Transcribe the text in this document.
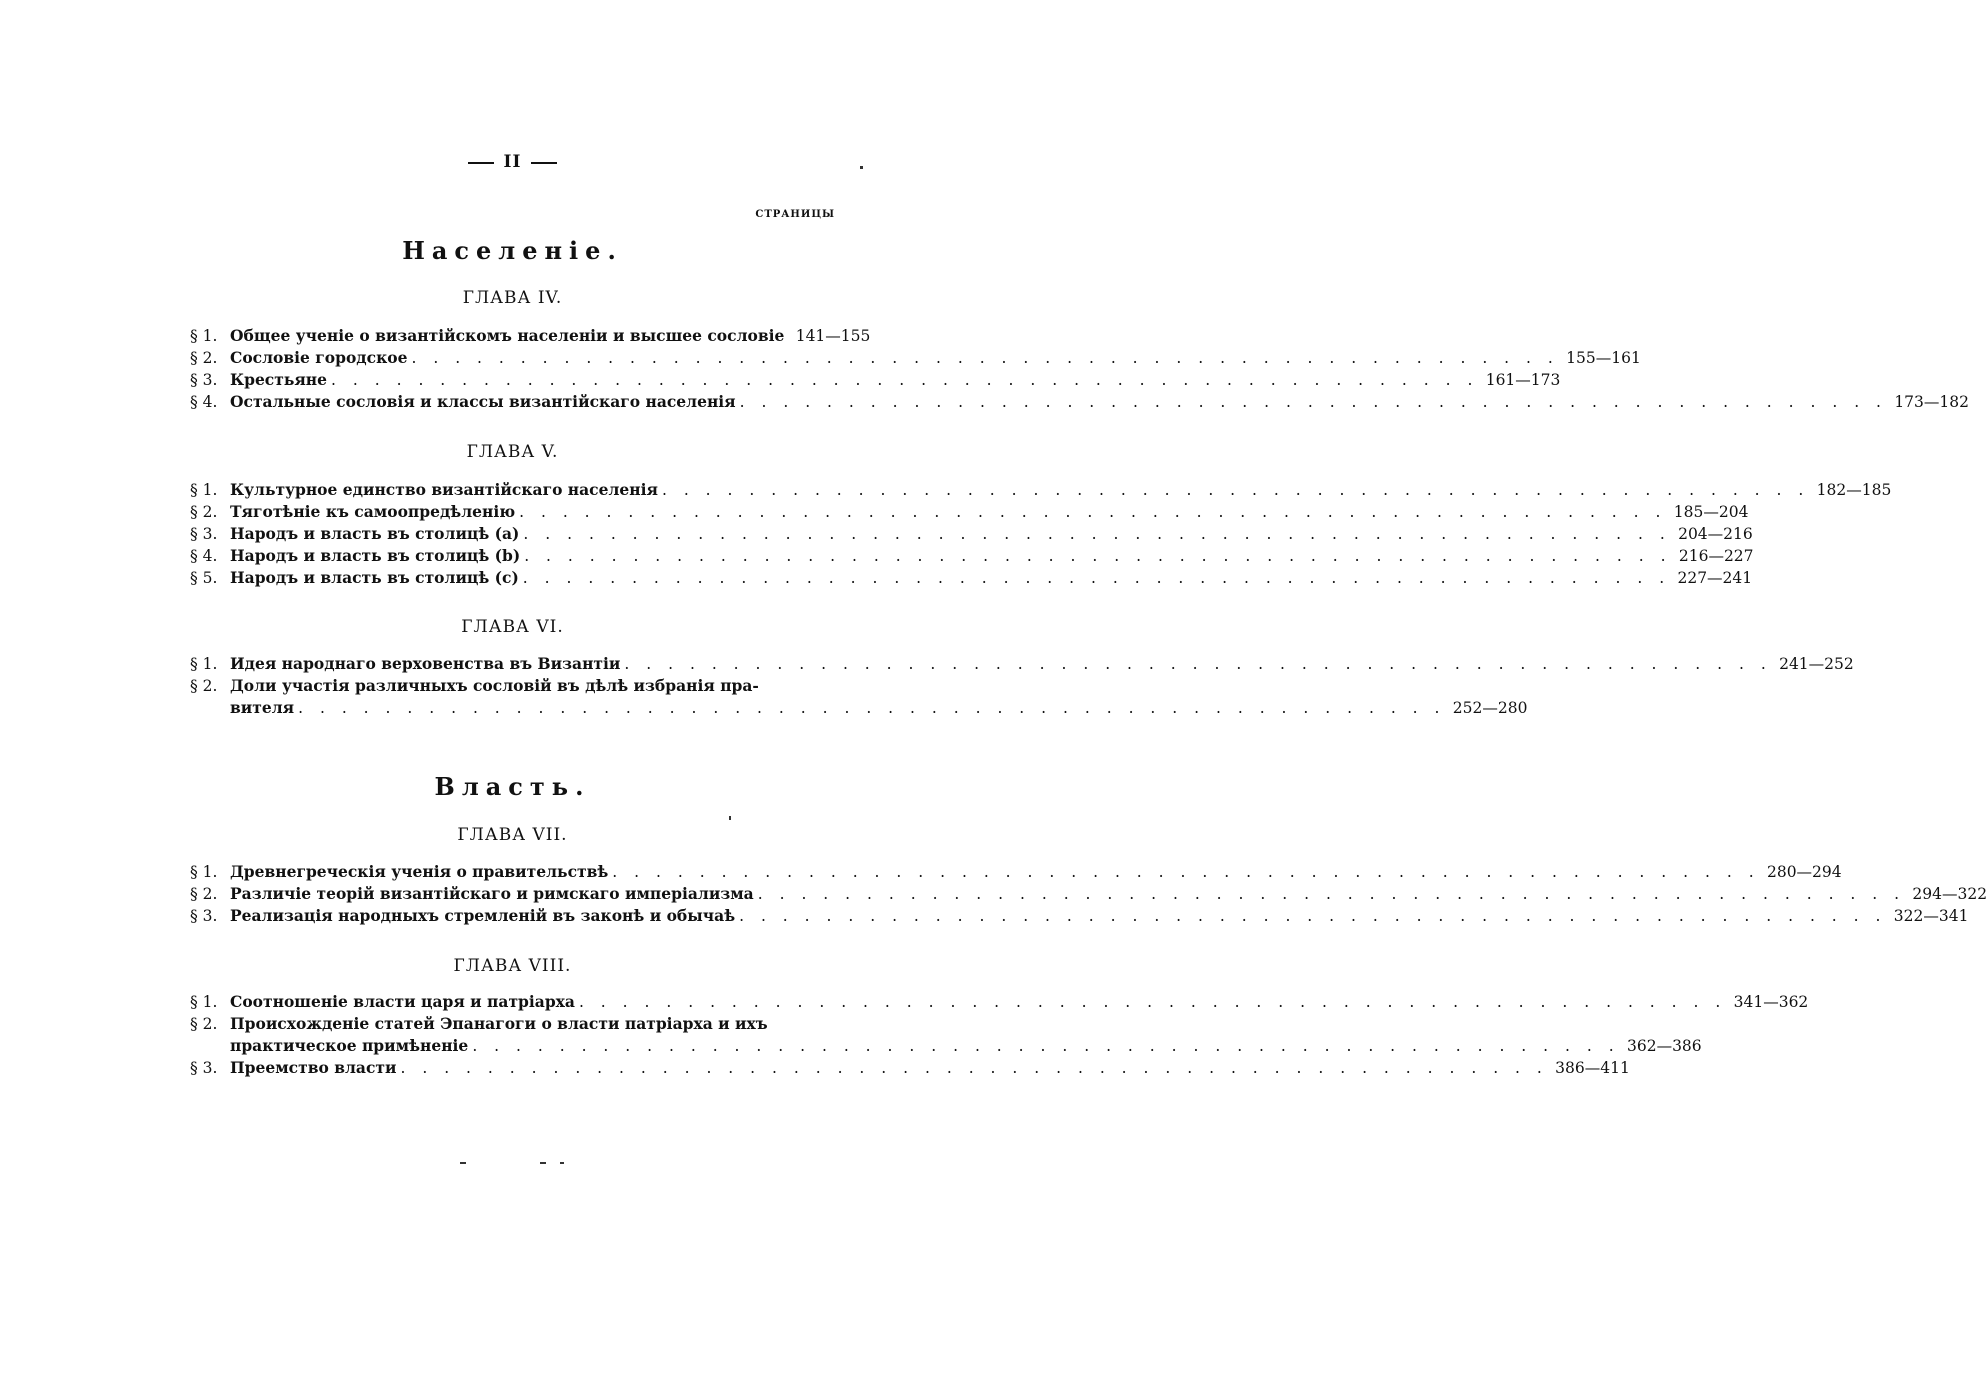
II
СТРАНИЦЫ
Населеніе.
ГЛАВА IV.
§ 1. Общее ученіе о византійскомъ населеніи и высшее сословіе 141—155
§ 2. Сословіе городское . . .	155—161
§ 3. Крестьяне . . .	161—173
§ 4. Остальные сословія и классы византійскаго населенія . . .	173—182
ГЛАВА V.
§ 1. Культурное единство византійскаго населенія . . .	182—185
§ 2. Тяготѣніе къ самоопредѣленію . . .	185—204
§ 3. Народъ и власть въ столицѣ (a) . . .	204—216
§ 4. Народъ и власть въ столицѣ (b) . . .	216—227
§ 5. Народъ и власть въ столицѣ (c) . . .	227—241
ГЛАВА VI.
§ 1. Идея народнаго верховенства въ Византіи . . .	241—252
§ 2. Доли участія различныхъ сословій въ дѣлѣ избранія пра-
вителя . . .	252—280
Власть.
ГЛАВА VII.
§ 1. Древнегреческія ученія о правительствѣ . . .	280—294
§ 2. Различіе теорій византійскаго и римскаго имперіализма . . .	294—322
§ 3. Реализація народныхъ стремленій въ законѣ и обычаѣ . . .	322—341
ГЛАВА VIII.
§ 1. Соотношеніе власти царя и патріарха . . .	341—362
§ 2. Происхожденіе статей Эпанагоги о власти патріарха и ихъ
практическое примѣненіе . . .	362—386
§ 3. Преемство власти . . .	386—411
